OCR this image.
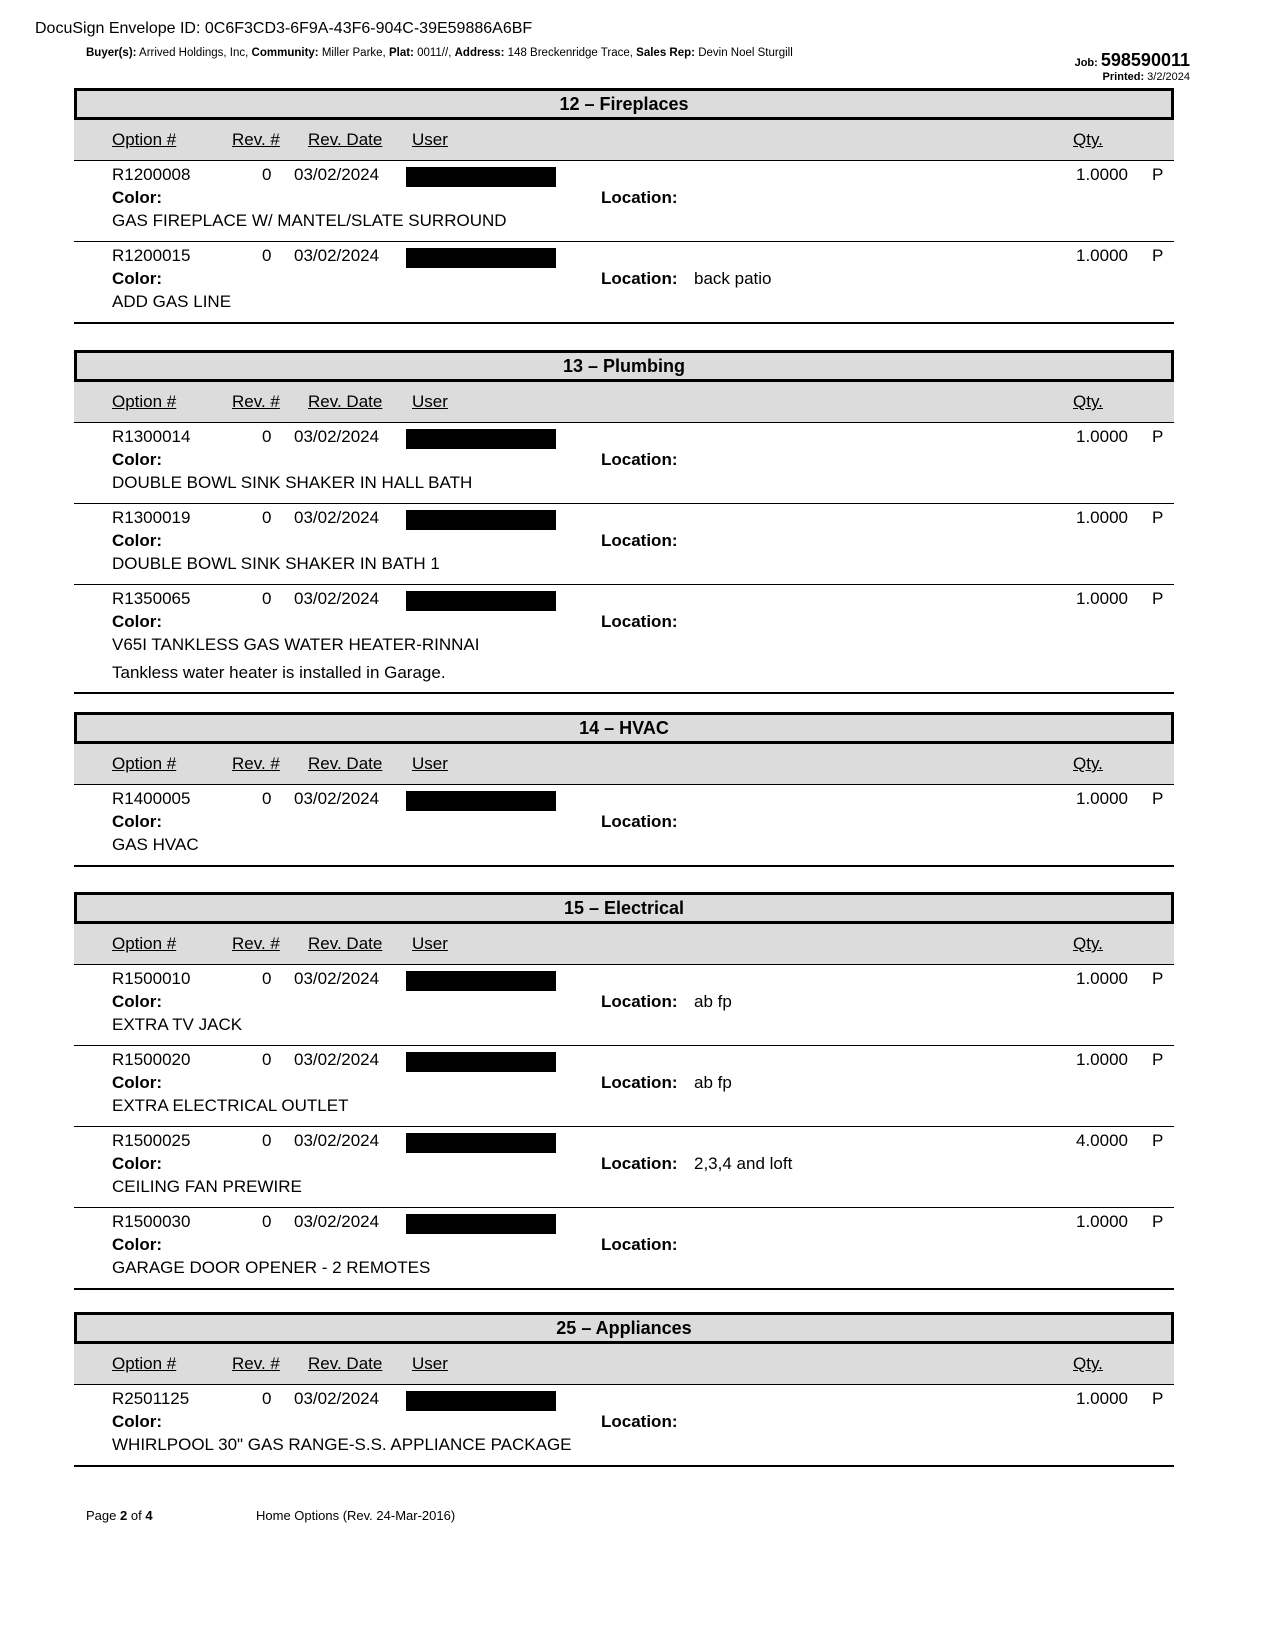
DocuSign Envelope ID: 0C6F3CD3-6F9A-43F6-904C-39E59886A6BF
Buyer(s): Arrived Holdings, Inc, Community: Miller Parke, Plat: 0011//, Address: 148 Breckenridge Trace, Sales Rep: Devin Noel Sturgill
Job: 598590011
Printed: 3/2/2024
12 – Fireplaces
Option #	Rev. # Rev. Date User	Qty.
R1200008	0 03/02/2024	1.0000 P
Color:	Location:
GAS FIREPLACE W/ MANTEL/SLATE SURROUND
R1200015	0 03/02/2024	1.0000 P
Color:	Location: back patio
ADD GAS LINE
13 – Plumbing
Option #	Rev. # Rev. Date User	Qty.
R1300014	0 03/02/2024	1.0000 P
Color:	Location:
DOUBLE BOWL SINK SHAKER IN HALL BATH
R1300019	0 03/02/2024	1.0000 P
Color:	Location:
DOUBLE BOWL SINK SHAKER IN BATH 1
R1350065	0 03/02/2024	1.0000 P
Color:	Location:
V65I TANKLESS GAS WATER HEATER-RINNAI
Tankless water heater is installed in Garage.
14 – HVAC
Option #	Rev. # Rev. Date User	Qty.
R1400005	0 03/02/2024	1.0000 P
Color:	Location:
GAS HVAC
15 – Electrical
Option #	Rev. # Rev. Date User	Qty.
R1500010	0 03/02/2024	1.0000 P
Color:	Location: ab fp
EXTRA TV JACK
R1500020	0 03/02/2024	1.0000 P
Color:	Location: ab fp
EXTRA ELECTRICAL OUTLET
R1500025	0 03/02/2024	4.0000 P
Color:	Location: 2,3,4 and loft
CEILING FAN PREWIRE
R1500030	0 03/02/2024	1.0000 P
Color:	Location:
GARAGE DOOR OPENER - 2 REMOTES
25 – Appliances
Option #	Rev. # Rev. Date User	Qty.
R2501125	0 03/02/2024	1.0000 P
Color:	Location:
WHIRLPOOL 30" GAS RANGE-S.S. APPLIANCE PACKAGE
Page 2 of 4	Home Options (Rev. 24-Mar-2016)
